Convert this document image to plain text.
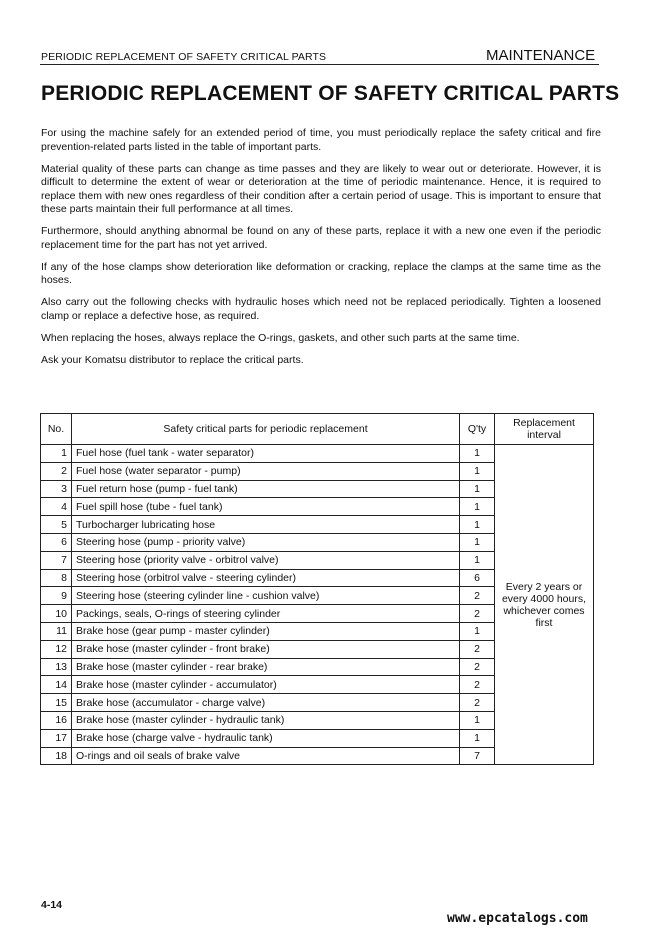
PERIODIC REPLACEMENT OF SAFETY CRITICAL PARTS	MAINTENANCE
PERIODIC REPLACEMENT OF SAFETY CRITICAL PARTS

For using the machine safely for an extended period of time, you must periodically replace the safety critical and fire prevention-related parts listed in the table of important parts.

Material quality of these parts can change as time passes and they are likely to wear out or deteriorate. However, it is difficult to determine the extent of wear or deterioration at the time of periodic maintenance. Hence, it is required to replace them with new ones regardless of their condition after a certain period of usage. This is important to ensure that these parts maintain their full performance at all times.

Furthermore, should anything abnormal be found on any of these parts, replace it with a new one even if the periodic replacement time for the part has not yet arrived.

If any of the hose clamps show deterioration like deformation or cracking, replace the clamps at the same time as the hoses.

Also carry out the following checks with hydraulic hoses which need not be replaced periodically. Tighten a loosened clamp or replace a defective hose, as required.

When replacing the hoses, always replace the O-rings, gaskets, and other such parts at the same time.

Ask your Komatsu distributor to replace the critical parts.

No.	Safety critical parts for periodic replacement	Q'ty	Replacement interval
1	Fuel hose (fuel tank - water separator)	1	Every 2 years or every 4000 hours, whichever comes first
2	Fuel hose (water separator - pump)	1	
3	Fuel return hose (pump - fuel tank)	1	
4	Fuel spill hose (tube - fuel tank)	1	
5	Turbocharger lubricating hose	1	
6	Steering hose (pump - priority valve)	1	
7	Steering hose (priority valve - orbitrol valve)	1	
8	Steering hose (orbitrol valve - steering cylinder)	6	
9	Steering hose (steering cylinder line - cushion valve)	2	
10	Packings, seals, O-rings of steering cylinder	2	
11	Brake hose (gear pump - master cylinder)	1	
12	Brake hose (master cylinder - front brake)	2	
13	Brake hose (master cylinder - rear brake)	2	
14	Brake hose (master cylinder - accumulator)	2	
15	Brake hose (accumulator - charge valve)	2	
16	Brake hose (master cylinder - hydraulic tank)	1	
17	Brake hose (charge valve - hydraulic tank)	1	
18	O-rings and oil seals of brake valve	7	
4-14
www.epcatalogs.com
